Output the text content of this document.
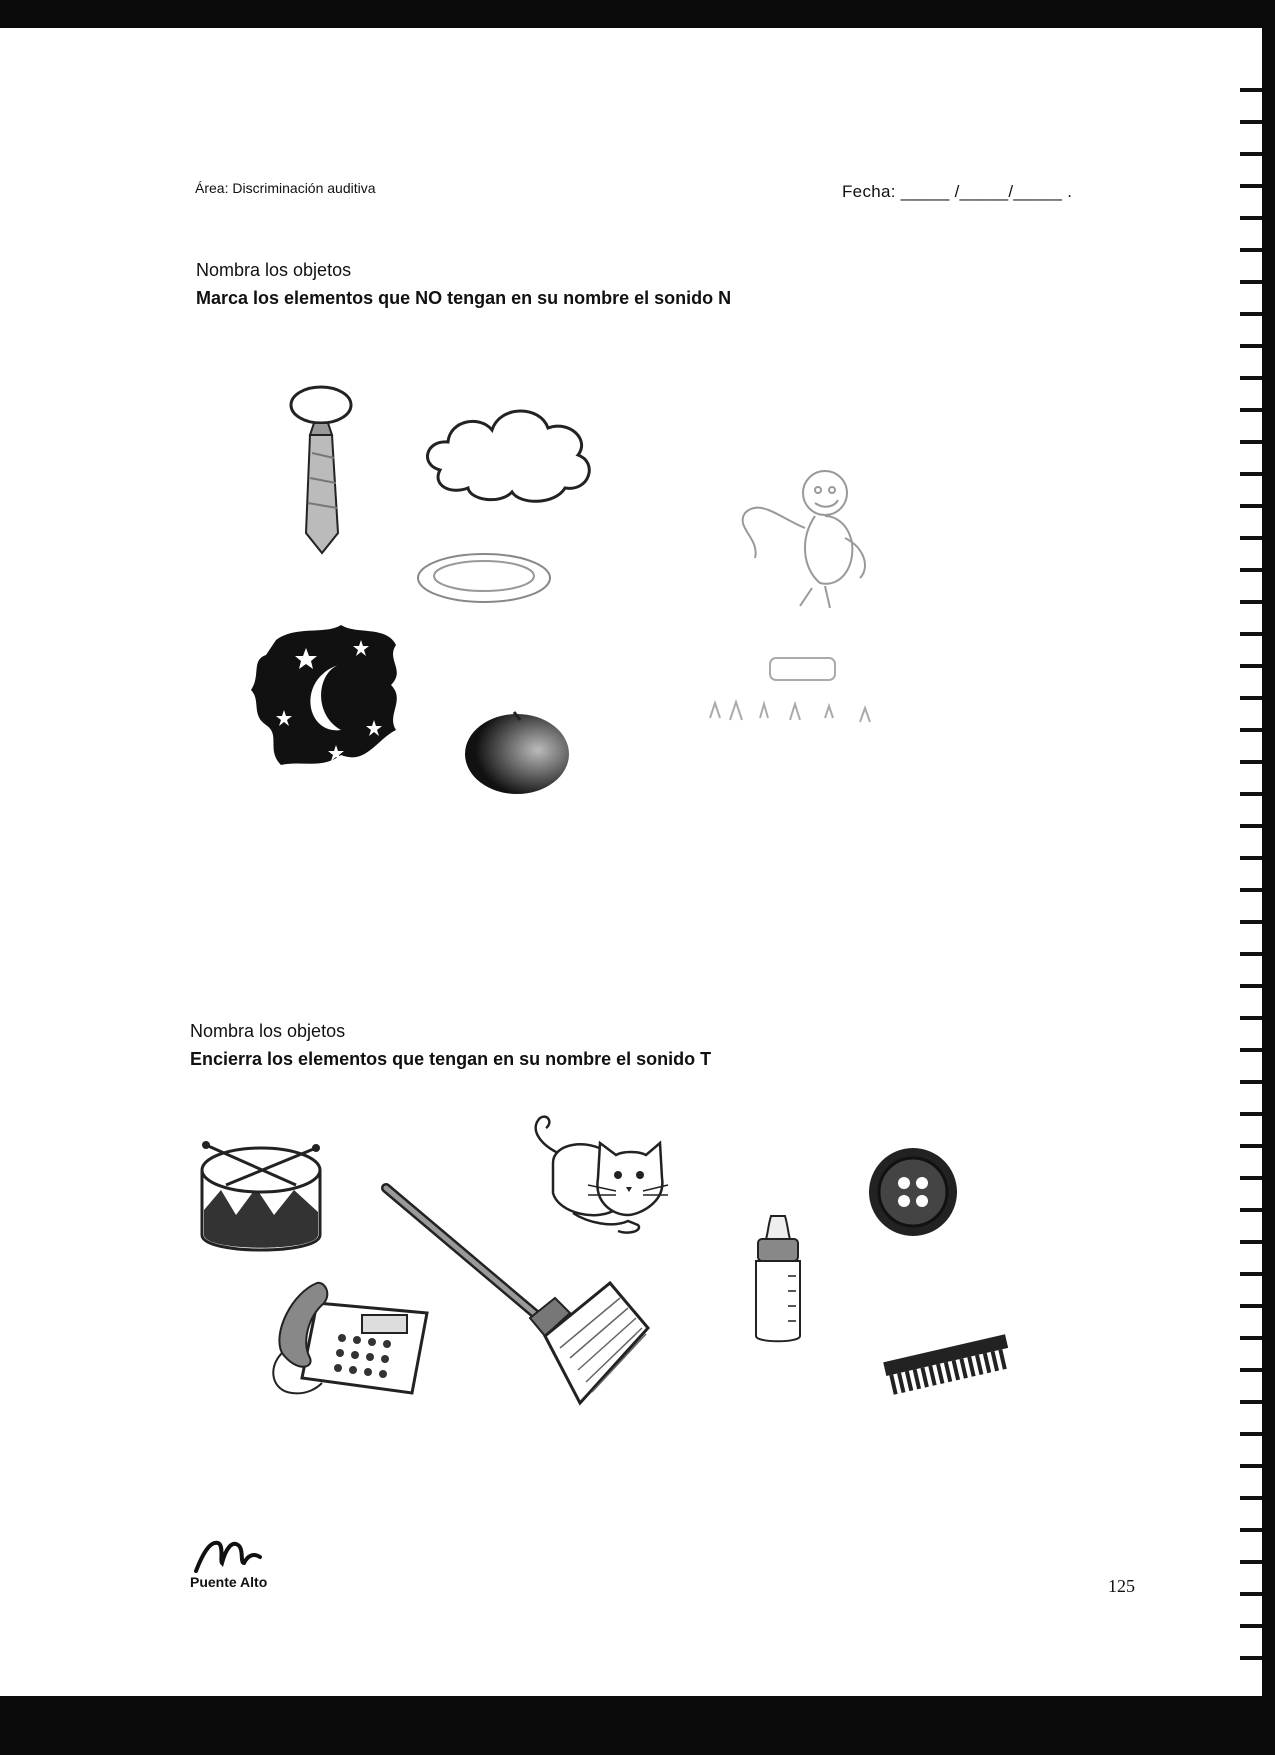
Área: Discriminación auditiva	Fecha: _____ /_____/_____ .
Nombra los objetos
Marca los elementos que NO tengan en su nombre el sonido N
Nombra los objetos
Encierra los elementos que tengan en su nombre el sonido T
Puente Alto	125
